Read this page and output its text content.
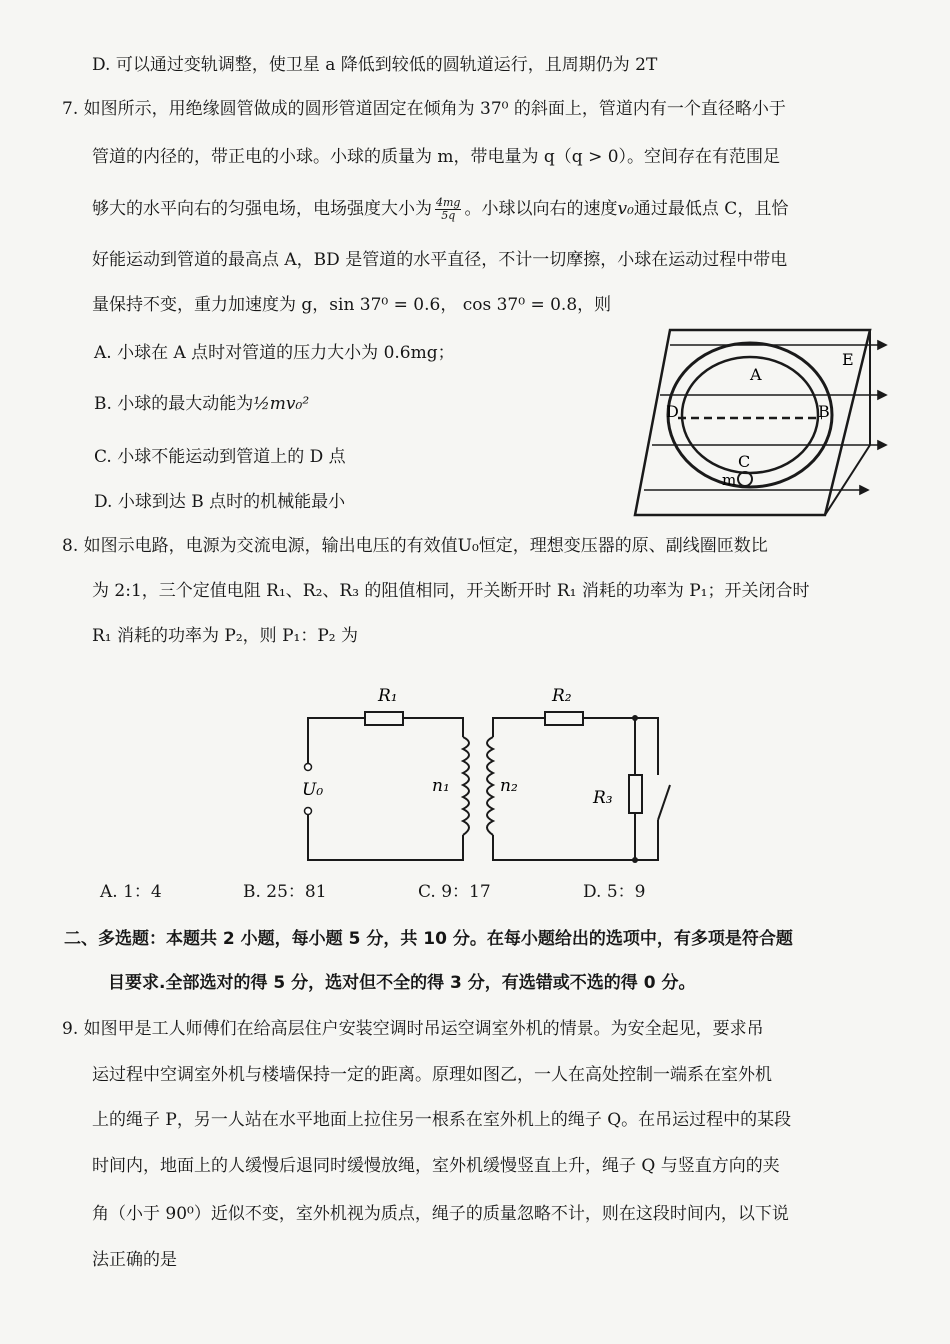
D. 可以通过变轨调整，使卫星 a 降低到较低的圆轨道运行，且周期仍为 2T
7. 如图所示，用绝缘圆管做成的圆形管道固定在倾角为 37⁰ 的斜面上，管道内有一个直径略小于
管道的内径的，带正电的小球。小球的质量为 m，带电量为 q（q > 0）。空间存在有范围足
够大的水平向右的匀强电场，电场强度大小为 $\frac{4mg}{5q}$ 。小球以向右的速度v₀通过最低点 C，且恰
好能运动到管道的最高点 A，BD 是管道的水平直径，不计一切摩擦，小球在运动过程中带电
量保持不变，重力加速度为 g，sin 37⁰ = 0.6， cos 37⁰ = 0.8，则
A. 小球在 A 点时对管道的压力大小为 0.6mg；
B. 小球的最大动能为½mv₀²
C. 小球不能运动到管道上的 D 点
D. 小球到达 B 点时的机械能最小
A
B
C
D
E
m
8. 如图示电路，电源为交流电源，输出电压的有效值U₀恒定，理想变压器的原、副线圈匝数比
为 2:1，三个定值电阻 R₁、R₂、R₃ 的阻值相同，开关断开时 R₁ 消耗的功率为 P₁；开关闭合时
R₁ 消耗的功率为 P₂，则 P₁：P₂ 为
R₁	R₂
R₃
U₀	n₁	n₂
A. 1：4	B. 25：81	C. 9：17	D. 5：9
二、多选题：本题共 2 小题，每小题 5 分，共 10 分。在每小题给出的选项中，有多项是符合题
目要求.全部选对的得 5 分，选对但不全的得 3 分，有选错或不选的得 0 分。
9. 如图甲是工人师傅们在给高层住户安装空调时吊运空调室外机的情景。为安全起见，要求吊
运过程中空调室外机与楼墙保持一定的距离。原理如图乙，一人在高处控制一端系在室外机
上的绳子 P，另一人站在水平地面上拉住另一根系在室外机上的绳子 Q。在吊运过程中的某段
时间内，地面上的人缓慢后退同时缓慢放绳，室外机缓慢竖直上升，绳子 Q 与竖直方向的夹
角（小于 90⁰）近似不变，室外机视为质点，绳子的质量忽略不计，则在这段时间内，以下说
法正确的是
